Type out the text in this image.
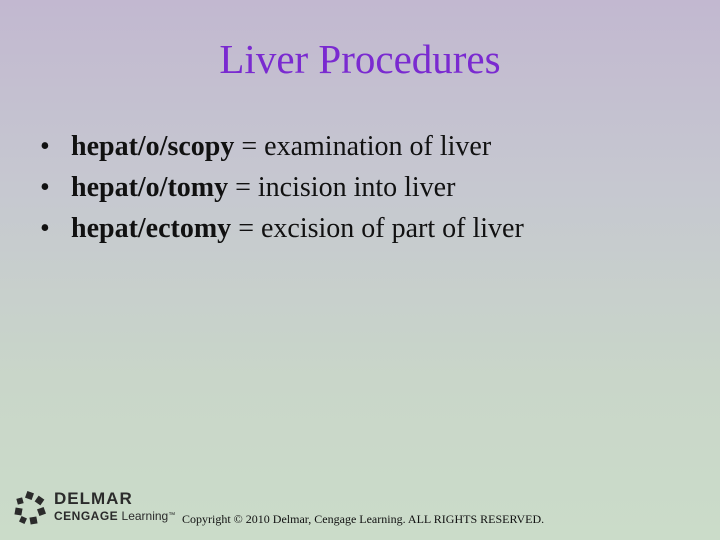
Liver Procedures
• hepat/o/scopy = examination of liver
• hepat/o/tomy = incision into liver
• hepat/ectomy = excision of part of liver
DELMAR
CENGAGE Learning™ Copyright © 2010 Delmar, Cengage Learning. ALL RIGHTS RESERVED.
